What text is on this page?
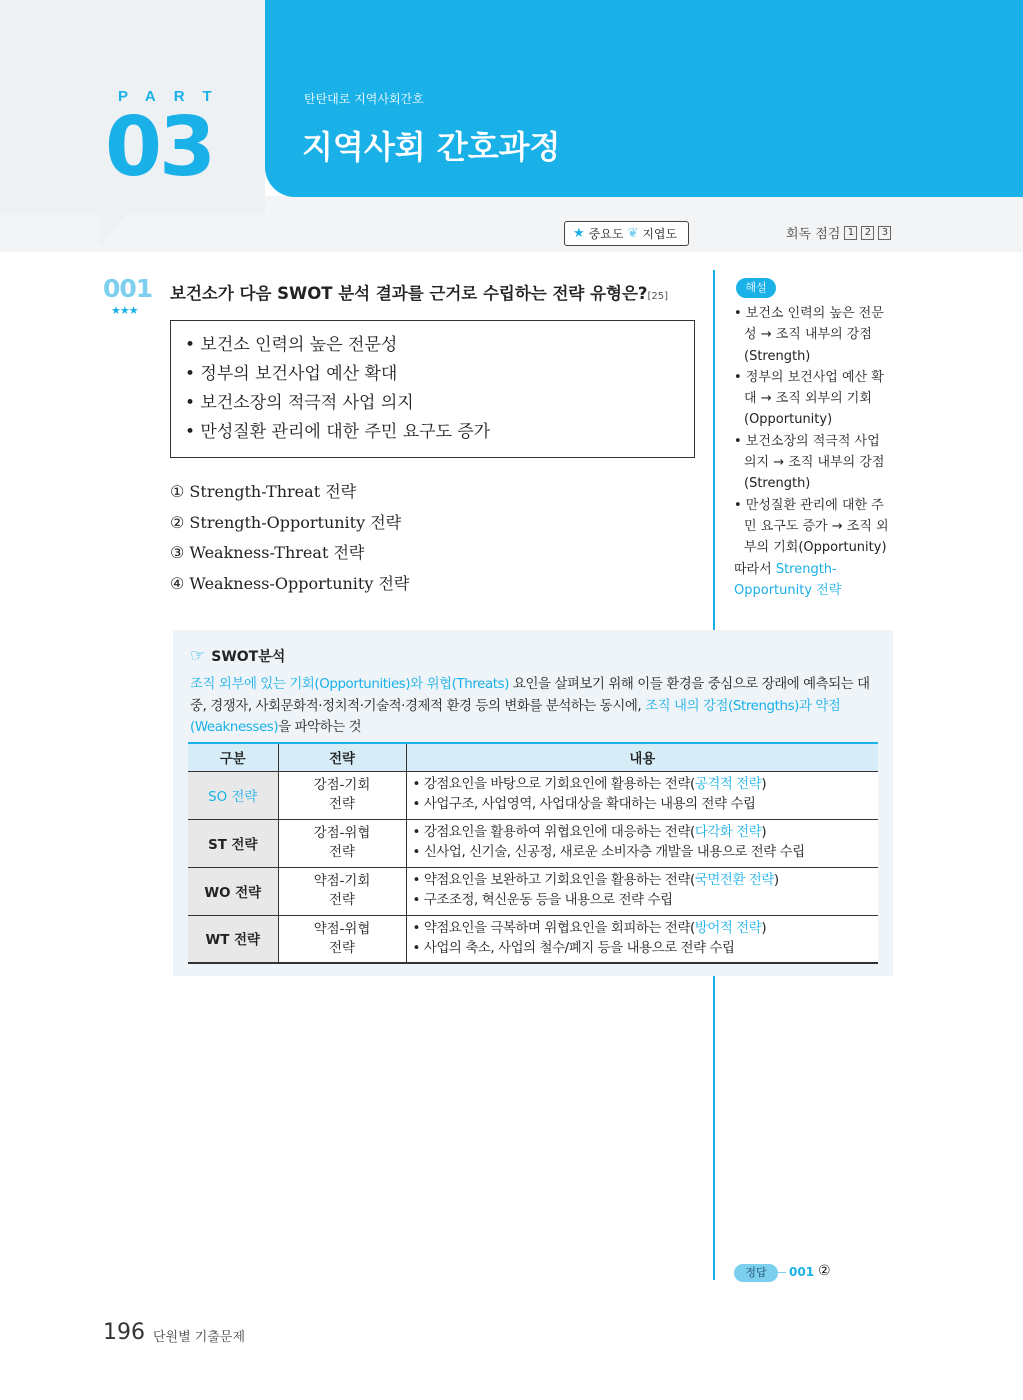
PART
03
탄탄대로 지역사회간호
지역사회 간호과정
★ 중요도 ❦ 지엽도	회독 점검 1	2	3
001
★★★
보건소가 다음 SWOT 분석 결과를 근거로 수립하는 전략 유형은?[25]
• 보건소 인력의 높은 전문성
• 정부의 보건사업 예산 확대
• 보건소장의 적극적 사업 의지
• 만성질환 관리에 대한 주민 요구도 증가
① Strength-Threat 전략
② Strength-Opportunity 전략
③ Weakness-Threat 전략
④ Weakness-Opportunity 전략
해설
• 보건소 인력의 높은 전문성 → 조직 내부의 강점(Strength)
• 정부의 보건사업 예산 확대 → 조직 외부의 기회(Opportunity)
• 보건소장의 적극적 사업 의지 → 조직 내부의 강점(Strength)
• 만성질환 관리에 대한 주민 요구도 증가 → 조직 외부의 기회(Opportunity)
따라서 Strength-Opportunity 전략
☞ SWOT분석
조직 외부에 있는 기회(Opportunities)와 위협(Threats) 요인을 살펴보기 위해 이들 환경을 중심으로 장래에 예측되는 대중, 경쟁자, 사회문화적·정치적·기술적·경제적 환경 등의 변화를 분석하는 동시에, 조직 내의 강점(Strengths)과 약점(Weaknesses)을 파악하는 것
구분	전략	내용
SO 전략	강점-기회 전략	• 강점요인을 바탕으로 기회요인에 활용하는 전략(공격적 전략)
• 사업구조, 사업영역, 사업대상을 확대하는 내용의 전략 수립

ST 전략	강점-위협 전략	• 강점요인을 활용하여 위협요인에 대응하는 전략(다각화 전략)
• 신사업, 신기술, 신공정, 새로운 소비자층 개발을 내용으로 전략 수립

WO 전략	약점-기회 전략	• 약점요인을 보완하고 기회요인을 활용하는 전략(국면전환 전략)
• 구조조정, 혁신운동 등을 내용으로 전략 수립

WT 전략	약점-위협 전략	• 약점요인을 극복하며 위협요인을 회피하는 전략(방어적 전략)
• 사업의 축소, 사업의 철수/폐지 등을 내용으로 전략 수립
정답	001 ②
196 단원별 기출문제
